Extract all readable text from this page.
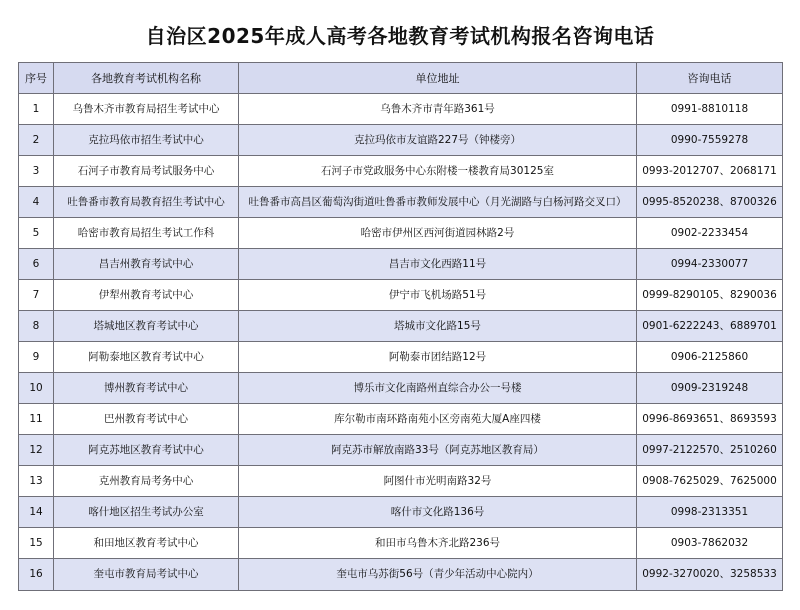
自治区2025年成人高考各地教育考试机构报名咨询电话
序号	各地教育考试机构名称	单位地址	咨询电话
1	乌鲁木齐市教育局招生考试中心	乌鲁木齐市青年路361号	0991-8810118
2	克拉玛依市招生考试中心	克拉玛依市友谊路227号（钟楼旁）	0990-7559278
3	石河子市教育局考试服务中心	石河子市党政服务中心东附楼一楼教育局30125室	0993-2012707、2068171
4	吐鲁番市教育局教育招生考试中心	吐鲁番市高昌区葡萄沟街道吐鲁番市教师发展中心（月光湖路与白杨河路交叉口）	0995-8520238、8700326
5	哈密市教育局招生考试工作科	哈密市伊州区西河街道园林路2号	0902-2233454
6	昌吉州教育考试中心	昌吉市文化西路11号	0994-2330077
7	伊犁州教育考试中心	伊宁市飞机场路51号	0999-8290105、8290036
8	塔城地区教育考试中心	塔城市文化路15号	0901-6222243、6889701
9	阿勒泰地区教育考试中心	阿勒泰市团结路12号	0906-2125860
10	博州教育考试中心	博乐市文化南路州直综合办公一号楼	0909-2319248
11	巴州教育考试中心	库尔勒市南环路南苑小区旁南苑大厦A座四楼	0996-8693651、8693593
12	阿克苏地区教育考试中心	阿克苏市解放南路33号（阿克苏地区教育局）	0997-2122570、2510260
13	克州教育局考务中心	阿图什市光明南路32号	0908-7625029、7625000
14	喀什地区招生考试办公室	喀什市文化路136号	0998-2313351
15	和田地区教育考试中心	和田市乌鲁木齐北路236号	0903-7862032
16	奎屯市教育局考试中心	奎屯市乌苏街56号（青少年活动中心院内）	0992-3270020、3258533
